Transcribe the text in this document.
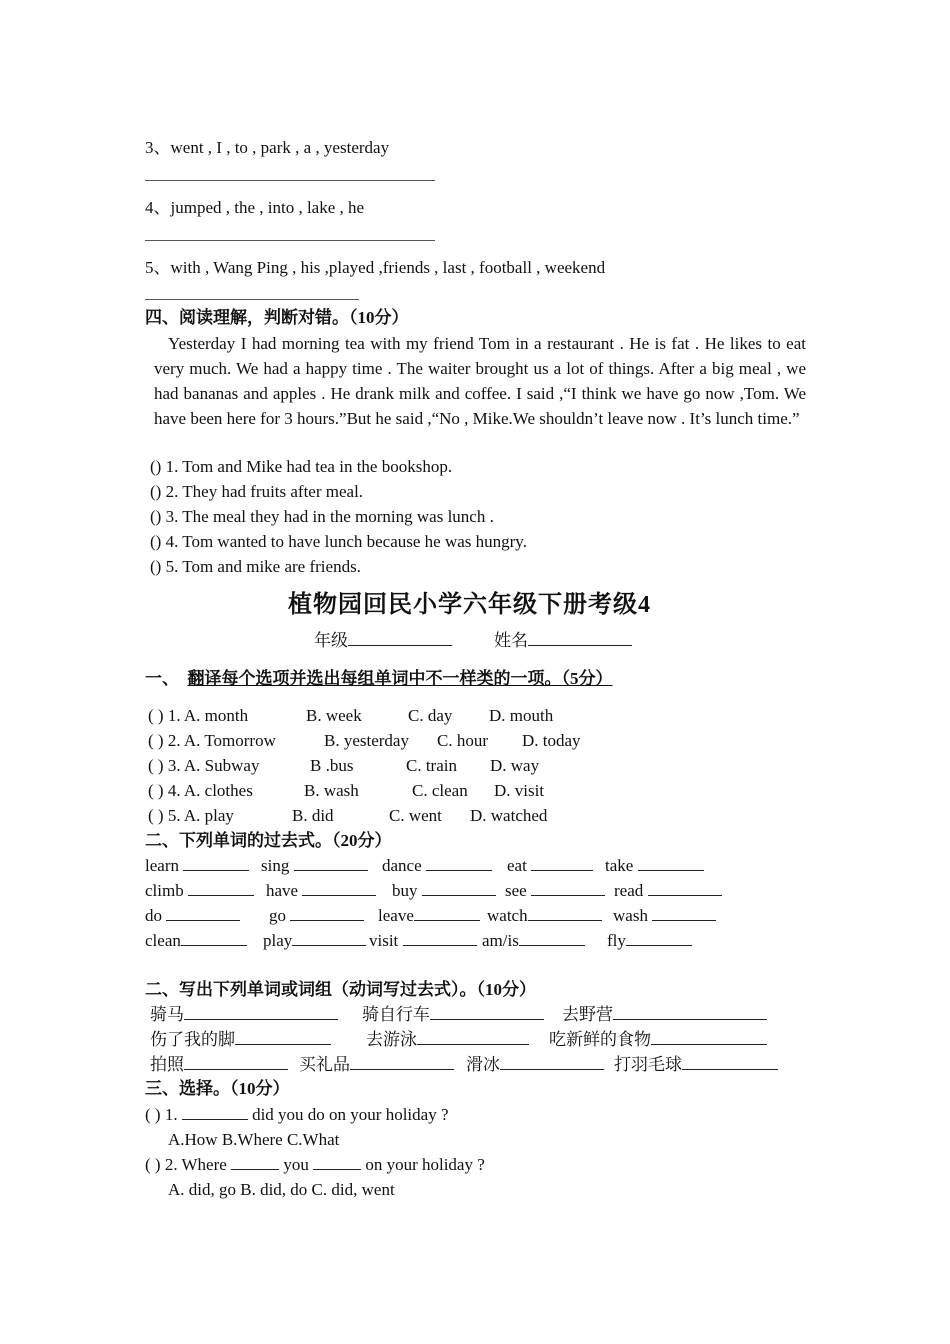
3、went , I , to , park , a , yesterday
4、jumped , the , into , lake , he
5、with , Wang Ping , his ,played ,friends , last , football , weekend
四、阅读理解，判断对错。（10分）
Yesterday I had morning tea with my friend Tom in a restaurant . He is fat . He likes to eat very much. We had a happy time . The waiter brought us a lot of things. After a big meal , we had bananas and apples . He drank milk and coffee. I said ,“I think we have go now ,Tom. We have been here for 3 hours.”But he said ,“No , Mike.We shouldn’t leave now . It’s lunch time.”
() 1. Tom and Mike had tea in the bookshop.
() 2. They had fruits after meal.
() 3. The meal they had in the morning was lunch .
() 4. Tom wanted to have lunch because he was hungry.
() 5. Tom and mike are friends.
植物园回民小学六年级下册考级4
年级	姓名
一、 翻译每个选项并选出每组单词中不一样类的一项。（5分）
( ) 1. A. month	B. week	C. day D. mouth
( ) 2. A. Tomorrow	B. yesterday C. hour D. today
( ) 3. A. Subway	B .bus	C. train D. way
( ) 4. A. clothes	B. wash	C. clean D. visit
( ) 5. A. play	B. did	C. went D. watched
二、下列单词的过去式。（20分）
learn	sing	dance	eat	take
climb	have	buy	see	read
do	go	leave	watch	wash
clean	play	visit	am/is	fly
二、写出下列单词或词组（动词写过去式）。（10分）
骑马	骑自行车	去野营
伤了我的脚	去游泳	吃新鲜的食物
拍照	买礼品	滑冰	打羽毛球
三、选择。（10分）
( ) 1.	did you do on your holiday ?
A.How B.Where C.What
( ) 2. Where	you	on your holiday ?
A. did, go B. did, do C. did, went
